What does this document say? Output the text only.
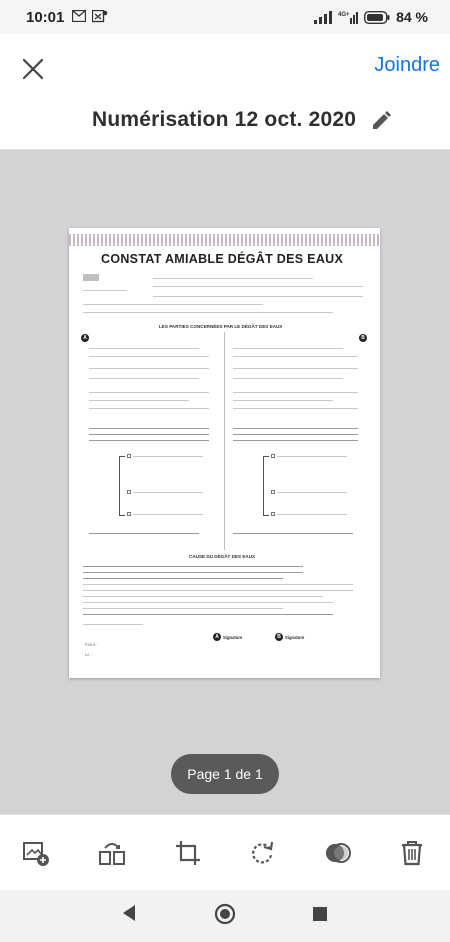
10:01	4G+	84 %
Joindre
Numérisation 12 oct. 2020
CONSTAT AMIABLE DÉGÂT DES EAUX
LES PARTIES CONCERNÉES PAR LE DÉGÂT DES EAUX
A	B
CAUSE DU DÉGÂT DES EAUX
A Signature	B Signature
Fait à :
Le :
Page 1 de 1
